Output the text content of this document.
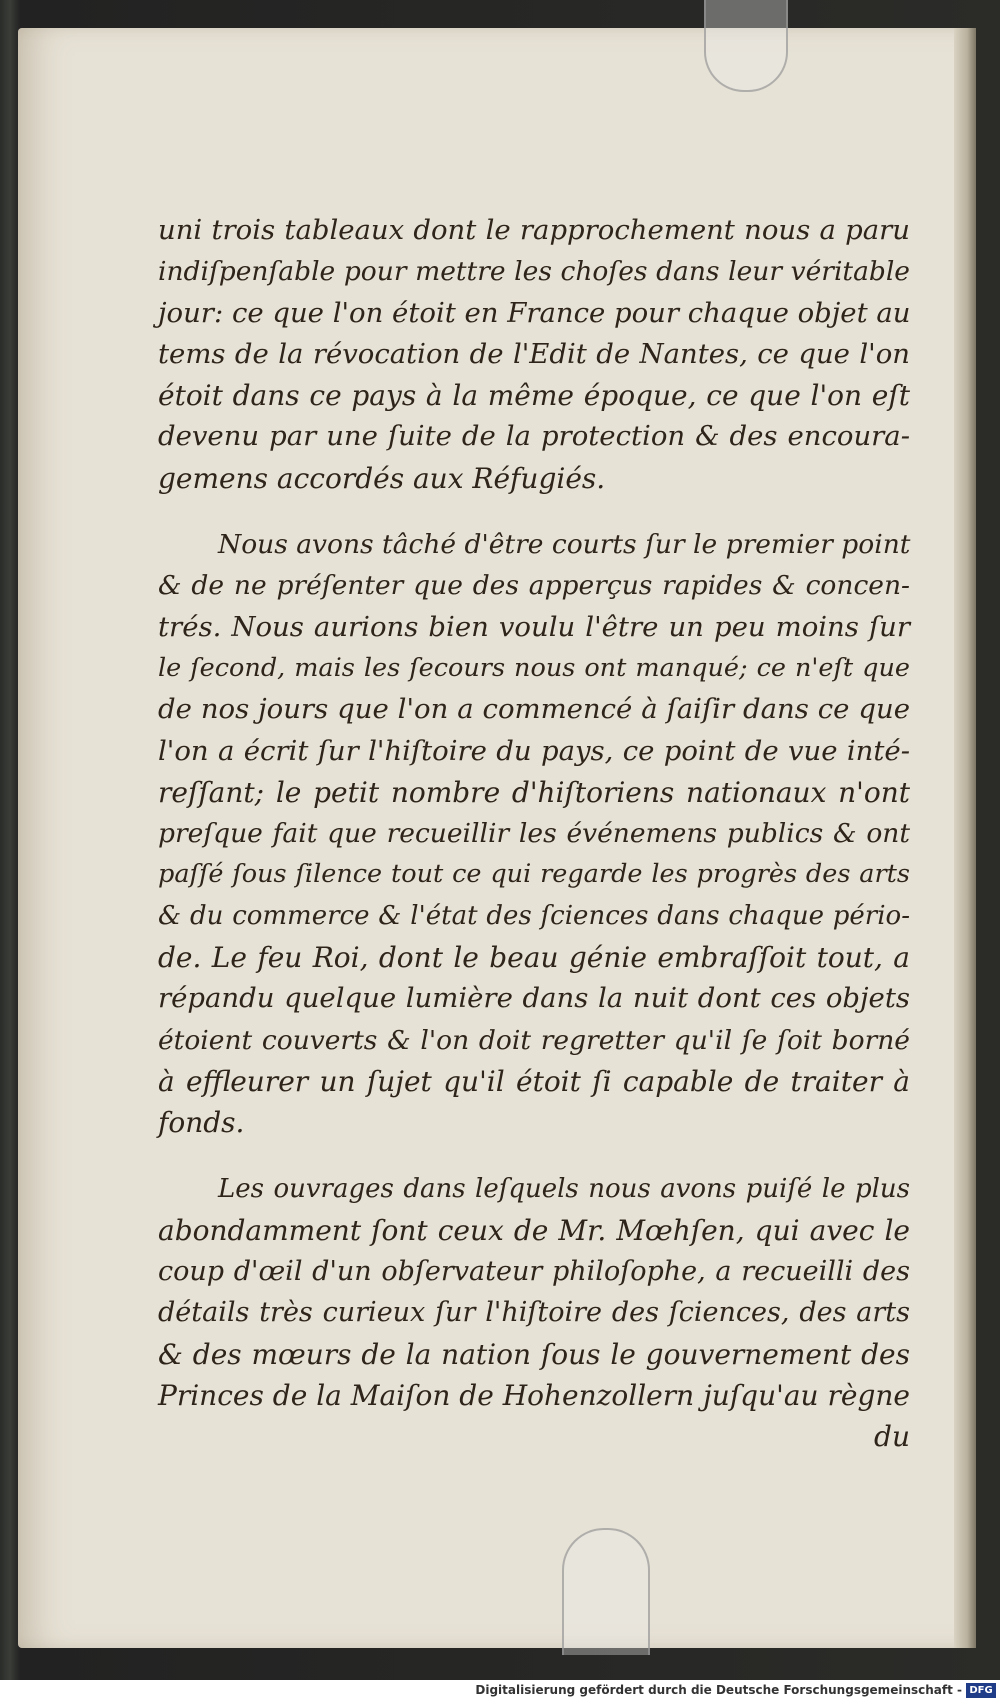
uni trois tableaux dont le rapprochement nous a paru
indiſpenſable pour mettre les choſes dans leur véritable
jour: ce que l'on étoit en France pour chaque objet au
tems de la révocation de l'Edit de Nantes, ce que l'on
étoit dans ce pays à la même époque, ce que l'on eſt
devenu par une ſuite de la protection & des encoura-
gemens accordés aux Réfugiés.
Nous avons tâché d'être courts ſur le premier point
& de ne préſenter que des apperçus rapides & concen-
trés. Nous aurions bien voulu l'être un peu moins ſur
le ſecond, mais les ſecours nous ont manqué; ce n'eſt que
de nos jours que l'on a commencé à ſaiſir dans ce que
l'on a écrit ſur l'hiſtoire du pays, ce point de vue inté-
reſſant; le petit nombre d'hiſtoriens nationaux n'ont
preſque fait que recueillir les événemens publics & ont
paſſé ſous ſilence tout ce qui regarde les progrès des arts
& du commerce & l'état des ſciences dans chaque pério-
de. Le feu Roi, dont le beau génie embraſſoit tout, a
répandu quelque lumière dans la nuit dont ces objets
étoient couverts & l'on doit regretter qu'il ſe ſoit borné
à effleurer un ſujet qu'il étoit ſi capable de traiter à
fonds.
Les ouvrages dans leſquels nous avons puiſé le plus
abondamment ſont ceux de Mr. Mœhſen, qui avec le
coup d'œil d'un obſervateur philoſophe, a recueilli des
détails très curieux ſur l'hiſtoire des ſciences, des arts
& des mœurs de la nation ſous le gouvernement des
Princes de la Maiſon de Hohenzollern juſqu'au règne
du
Digitalisierung gefördert durch die Deutsche Forschungsgemeinschaft - DFG
